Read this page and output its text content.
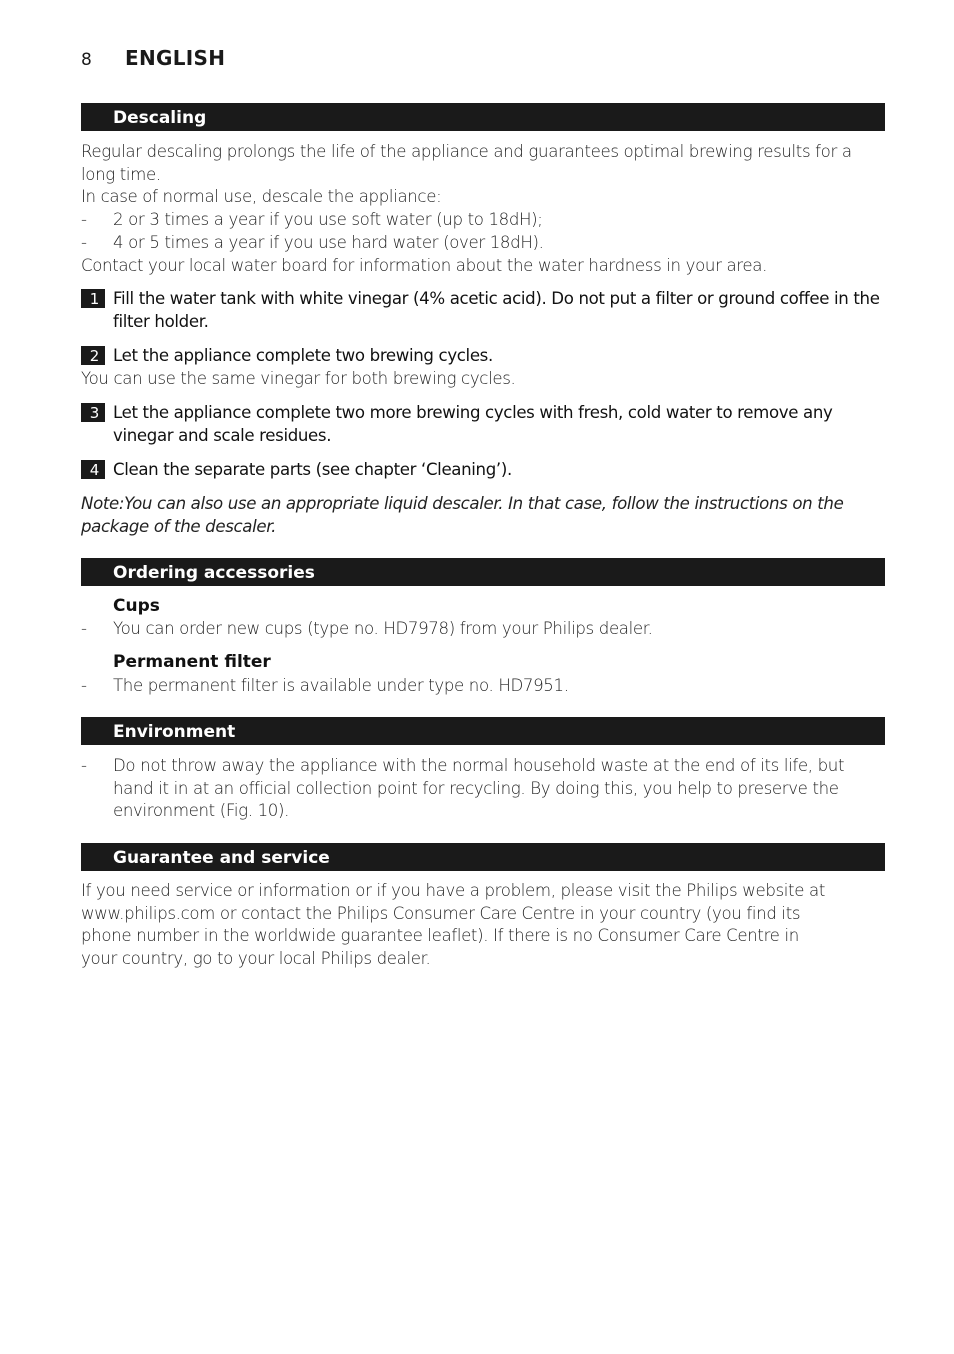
8	ENGLISH
Descaling

Regular descaling prolongs the life of the appliance and guarantees optimal brewing results for a long time.

In case of normal use, descale the appliance:

- 2 or 3 times a year if you use soft water (up to 18dH);
- 4 or 5 times a year if you use hard water (over 18dH).

Contact your local water board for information about the water hardness in your area.

1 Fill the water tank with white vinegar (4% acetic acid). Do not put a filter or ground coffee in the filter holder.
2 Let the appliance complete two brewing cycles.
You can use the same vinegar for both brewing cycles.
3 Let the appliance complete two more brewing cycles with fresh, cold water to remove any vinegar and scale residues.
4 Clean the separate parts (see chapter ‘Cleaning’).
Note:You can also use an appropriate liquid descaler. In that case, follow the instructions on the package of the descaler.
Ordering accessories
Cups
- You can order new cups (type no. HD7978) from your Philips dealer.
Permanent filter
- The permanent filter is available under type no. HD7951.
Environment
- Do not throw away the appliance with the normal household waste at the end of its life, but hand it in at an official collection point for recycling. By doing this, you help to preserve the environment (Fig. 10).
Guarantee and service
If you need service or information or if you have a problem, please visit the Philips website at www.philips.com or contact the Philips Consumer Care Centre in your country (you find its phone number in the worldwide guarantee leaflet). If there is no Consumer Care Centre in your country, go to your local Philips dealer.
